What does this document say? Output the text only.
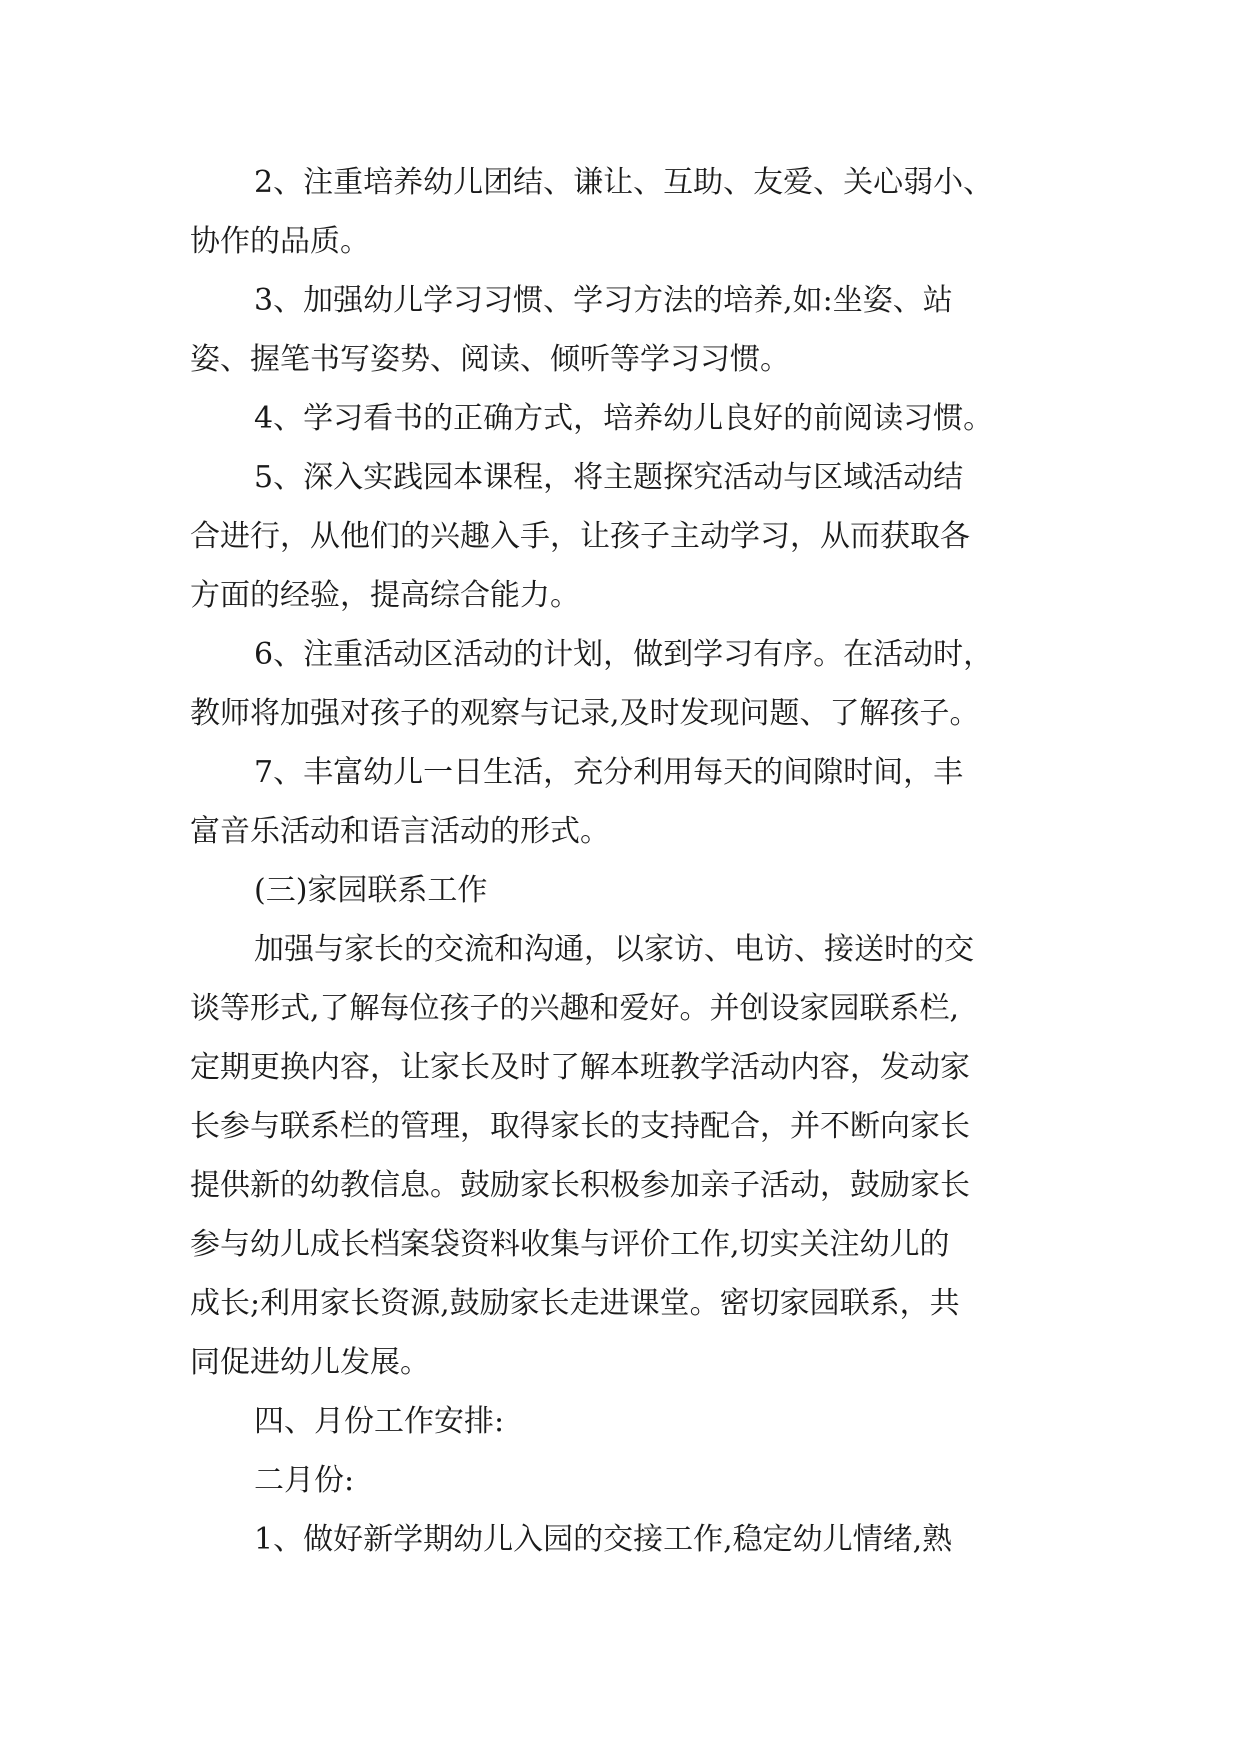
2、注重培养幼儿团结、谦让、互助、友爱、关心弱小、

协作的品质。

3、加强幼儿学习习惯、学习方法的培养,如:坐姿、站

姿、握笔书写姿势、阅读、倾听等学习习惯。

4、学习看书的正确方式，培养幼儿良好的前阅读习惯。

5、深入实践园本课程，将主题探究活动与区域活动结

合进行，从他们的兴趣入手，让孩子主动学习，从而获取各

方面的经验，提高综合能力。

6、注重活动区活动的计划，做到学习有序。在活动时，

教师将加强对孩子的观察与记录,及时发现问题、了解孩子。

7、丰富幼儿一日生活，充分利用每天的间隙时间，丰

富音乐活动和语言活动的形式。

(三)家园联系工作

加强与家长的交流和沟通，以家访、电访、接送时的交

谈等形式,了解每位孩子的兴趣和爱好。并创设家园联系栏,

定期更换内容，让家长及时了解本班教学活动内容，发动家

长参与联系栏的管理，取得家长的支持配合，并不断向家长

提供新的幼教信息。鼓励家长积极参加亲子活动，鼓励家长

参与幼儿成长档案袋资料收集与评价工作,切实关注幼儿的

成长;利用家长资源,鼓励家长走进课堂。密切家园联系，共

同促进幼儿发展。

四、月份工作安排:

二月份:

1、做好新学期幼儿入园的交接工作,稳定幼儿情绪,熟
